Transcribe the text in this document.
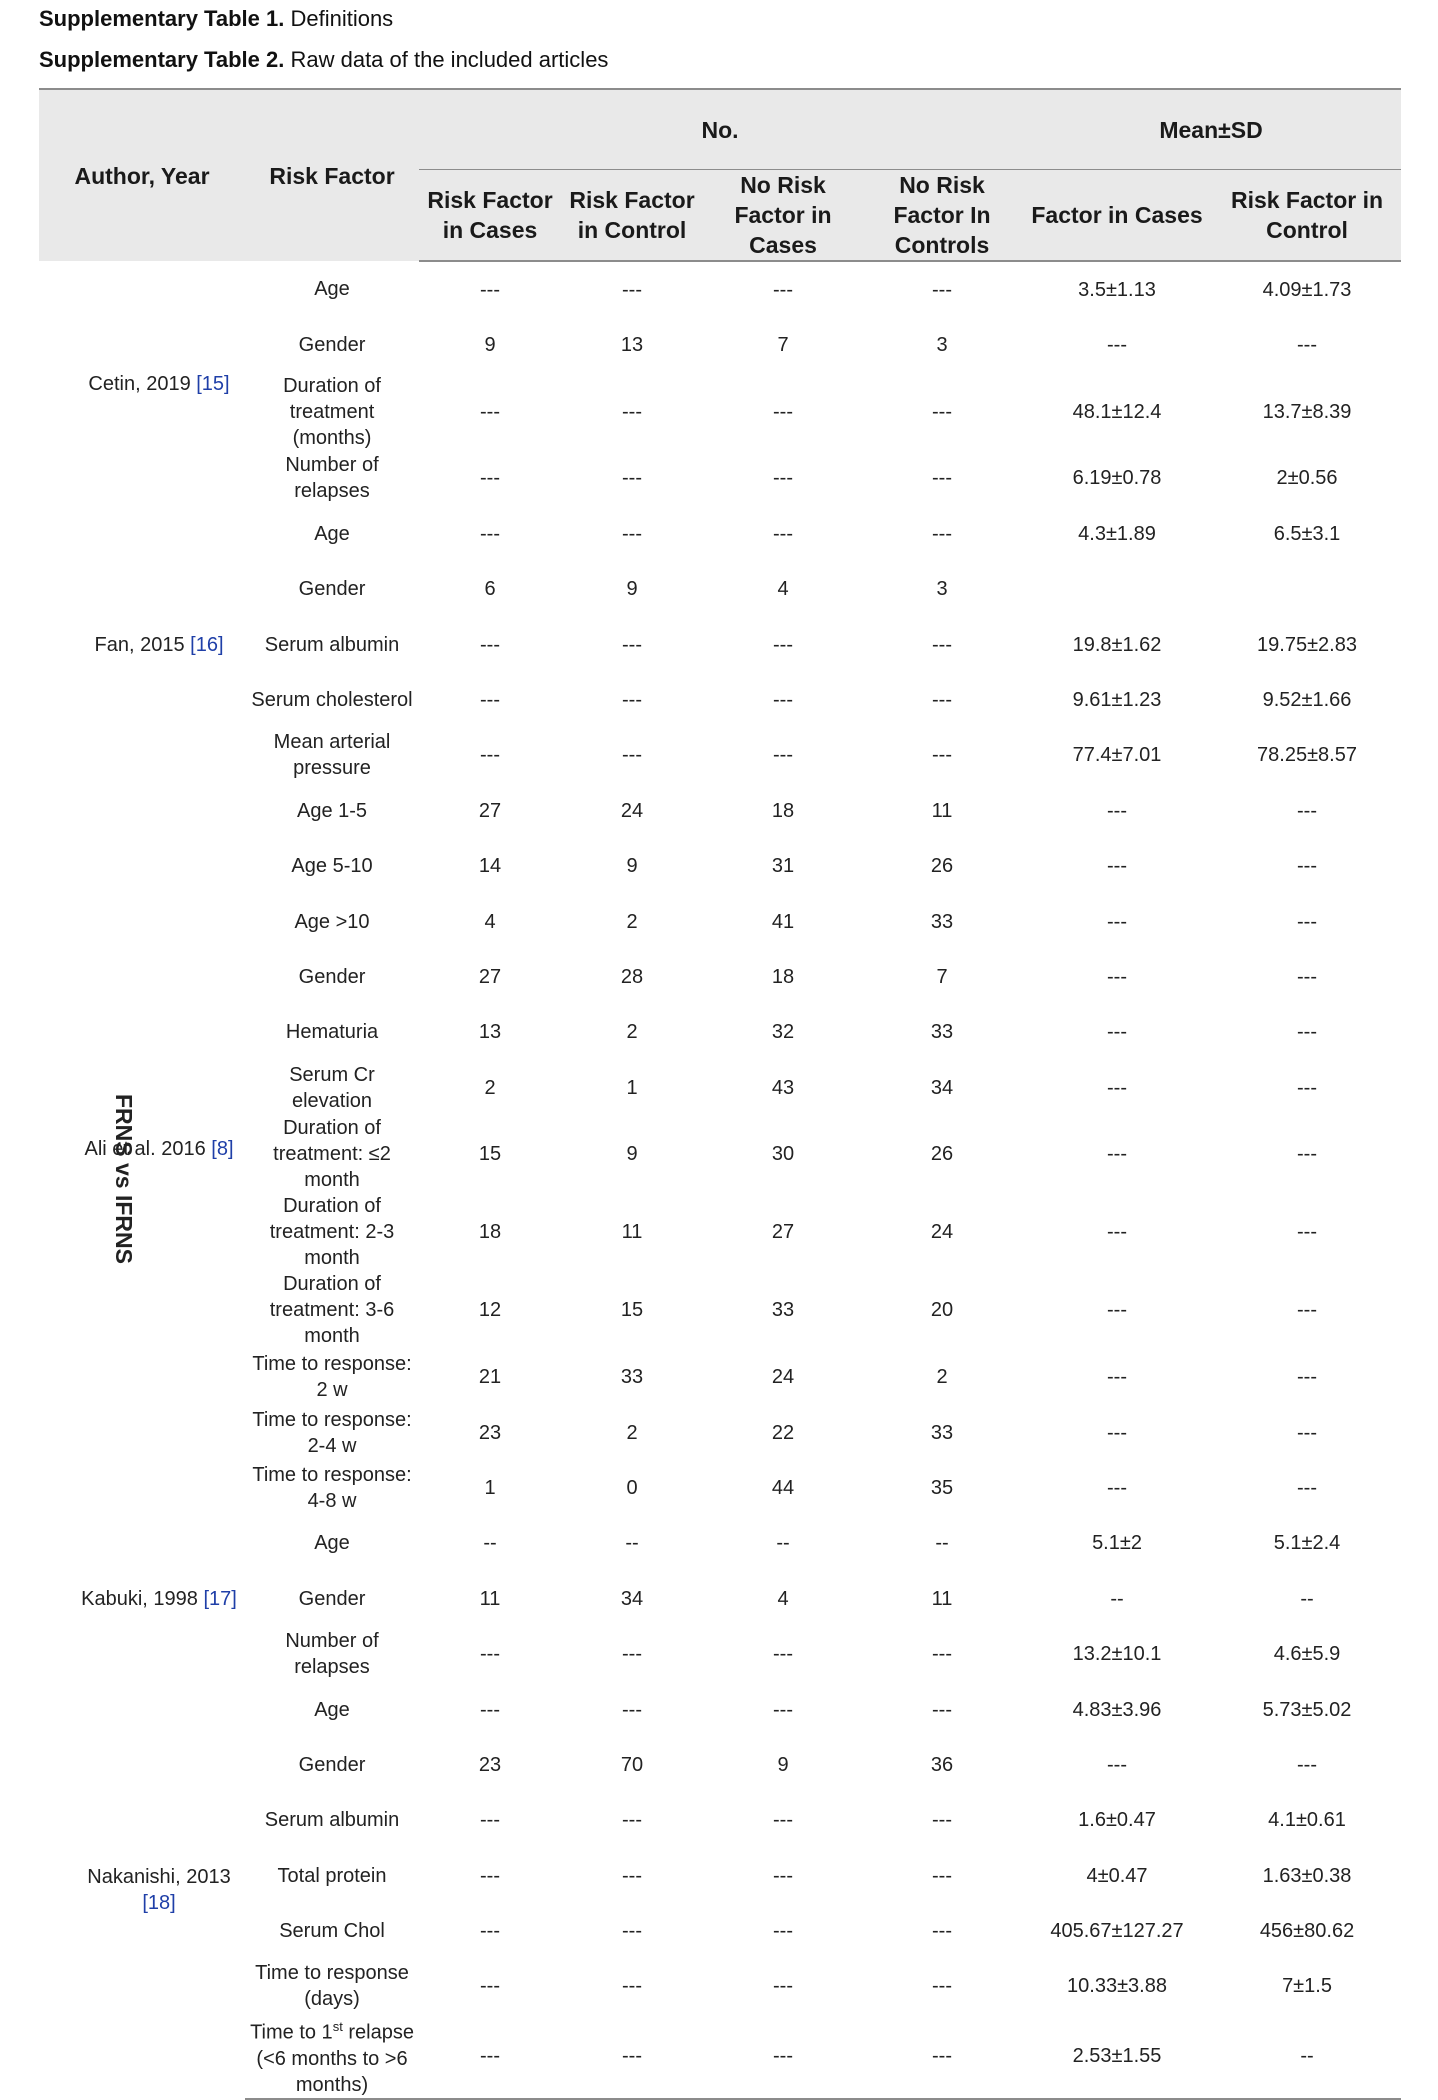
Supplementary Table 1. Definitions
Supplementary Table 2. Raw data of the included articles
Author, Year		Risk Factor	No.				Mean±SD	
			Risk Factor in Cases	Risk Factor in Control	No Risk Factor in Cases	No Risk Factor In Controls	Factor in Cases	Risk Factor in Control
FRNS vs IFRNS	Cetin, 2019 [15]	Age	---	---	---	---	3.5±1.13	4.09±1.73
		Gender	9	13	7	3	---	---
		Duration of treatment (months)	---	---	---	---	48.1±12.4	13.7±8.39
		Number of relapses	---	---	---	---	6.19±0.78	2±0.56
	Fan, 2015 [16]	Age	---	---	---	---	4.3±1.89	6.5±3.1
		Gender	6	9	4	3		
		Serum albumin	---	---	---	---	19.8±1.62	19.75±2.83
		Serum cholesterol	---	---	---	---	9.61±1.23	9.52±1.66
		Mean arterial pressure	---	---	---	---	77.4±7.01	78.25±8.57
	Ali et al. 2016 [8]	Age 1-5	27	24	18	11	---	---
		Age 5-10	14	9	31	26	---	---
		Age >10	4	2	41	33	---	---
		Gender	27	28	18	7	---	---
		Hematuria	13	2	32	33	---	---
		Serum Cr elevation	2	1	43	34	---	---
		Duration of treatment: ≤2 month	15	9	30	26	---	---
		Duration of treatment: 2-3 month	18	11	27	24	---	---
		Duration of treatment: 3-6 month	12	15	33	20	---	---
		Time to response: 2 w	21	33	24	2	---	---
		Time to response: 2-4 w	23	2	22	33	---	---
		Time to response: 4-8 w	1	0	44	35	---	---
	Kabuki, 1998 [17]	Age	--	--	--	--	5.1±2	5.1±2.4
		Gender	11	34	4	11	--	--
		Number of relapses	---	---	---	---	13.2±10.1	4.6±5.9
	Nakanishi, 2013 [18]	Age	---	---	---	---	4.83±3.96	5.73±5.02
		Gender	23	70	9	36	---	---
		Serum albumin	---	---	---	---	1.6±0.47	4.1±0.61
		Total protein	---	---	---	---	4±0.47	1.63±0.38
		Serum Chol	---	---	---	---	405.67±127.27	456±80.62
		Time to response (days)	---	---	---	---	10.33±3.88	7±1.5
		Time to 1st relapse (<6 months to >6 months)	---	---	---	---	2.53±1.55	--
